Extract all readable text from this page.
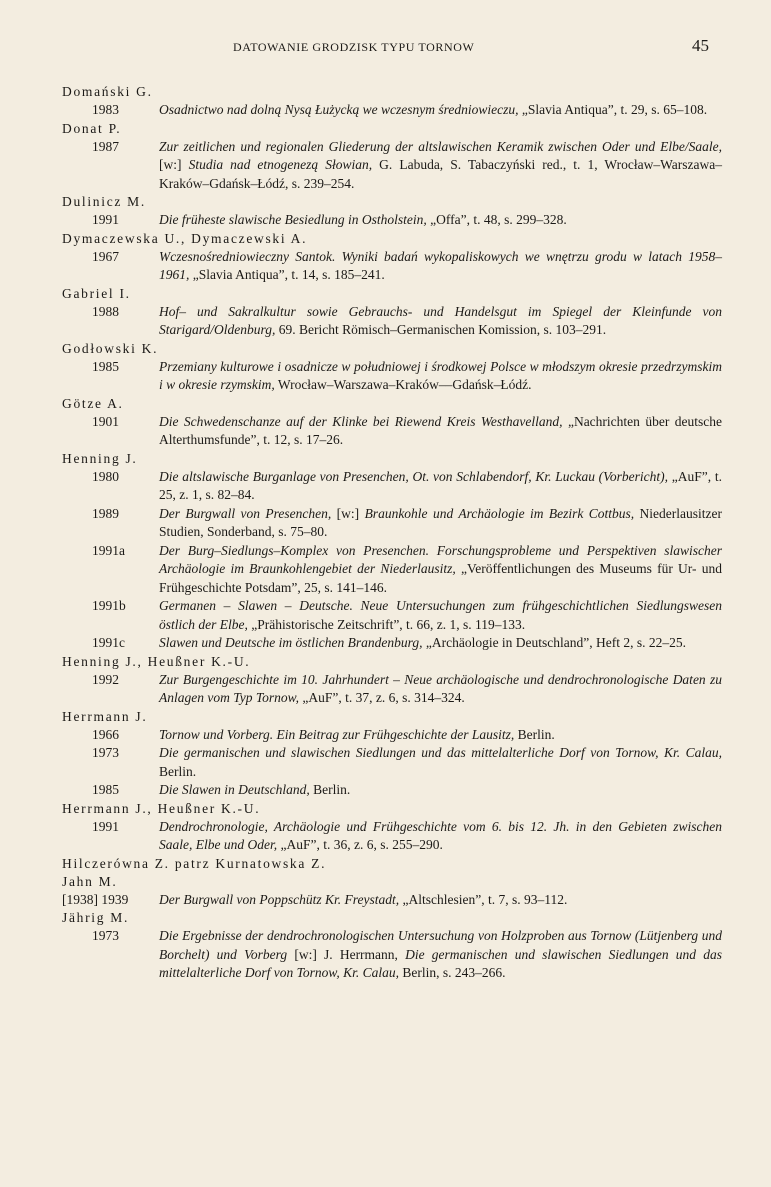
DATOWANIE GRODZISK TYPU TORNOW	45
Domański G.
1983	Osadnictwo nad dolną Nysą Łużycką we wczesnym średniowieczu, „Slavia Antiqua”, t. 29, s. 65–108.
Donat P.
1987	Zur zeitlichen und regionalen Gliederung der altslawischen Keramik zwischen Oder und Elbe/Saale, [w:] Studia nad etnogenezą Słowian, G. Labuda, S. Tabaczyński red., t. 1, Wrocław–Warszawa–Kraków–Gdańsk–Łódź, s. 239–254.
Dulinicz M.
1991	Die früheste slawische Besiedlung in Ostholstein, „Offa”, t. 48, s. 299–328.
Dymaczewska U., Dymaczewski A.
1967	Wczesnośredniowieczny Santok. Wyniki badań wykopaliskowych we wnętrzu grodu w latach 1958–1961, „Slavia Antiqua”, t. 14, s. 185–241.
Gabriel I.
1988	Hof– und Sakralkultur sowie Gebrauchs- und Handelsgut im Spiegel der Kleinfunde von Starigard/Oldenburg, 69. Bericht Römisch–Germanischen Komission, s. 103–291.
Godłowski K.
1985	Przemiany kulturowe i osadnicze w południowej i środkowej Polsce w młodszym okresie przedrzymskim i w okresie rzymskim, Wrocław–Warszawa–Kraków––Gdańsk–Łódź.
Götze A.
1901	Die Schwedenschanze auf der Klinke bei Riewend Kreis Westhavelland, „Nachrichten über deutsche Alterthumsfunde”, t. 12, s. 17–26.
Henning J.
1980	Die altslawische Burganlage von Presenchen, Ot. von Schlabendorf, Kr. Luckau (Vorbericht), „AuF”, t. 25, z. 1, s. 82–84.
1989	Der Burgwall von Presenchen, [w:] Braunkohle und Archäologie im Bezirk Cottbus, Niederlausitzer Studien, Sonderband, s. 75–80.
1991a	Der Burg–Siedlungs–Komplex von Presenchen. Forschungsprobleme und Perspektiven slawischer Archäologie im Braunkohlengebiet der Niederlausitz, „Veröffentlichungen des Museums für Ur- und Frühgeschichte Potsdam”, 25, s. 141–146.
1991b	Germanen – Slawen – Deutsche. Neue Untersuchungen zum frühgeschichtlichen Siedlungswesen östlich der Elbe, „Prähistorische Zeitschrift”, t. 66, z. 1, s. 119–133.
1991c	Slawen und Deutsche im östlichen Brandenburg, „Archäologie in Deutschland”, Heft 2, s. 22–25.
Henning J., Heußner K.-U.
1992	Zur Burgengeschichte im 10. Jahrhundert – Neue archäologische und dendrochronologische Daten zu Anlagen vom Typ Tornow, „AuF”, t. 37, z. 6, s. 314–324.
Herrmann J.
1966	Tornow und Vorberg. Ein Beitrag zur Frühgeschichte der Lausitz, Berlin.
1973	Die germanischen und slawischen Siedlungen und das mittelalterliche Dorf von Tornow, Kr. Calau, Berlin.
1985	Die Slawen in Deutschland, Berlin.
Herrmann J., Heußner K.-U.
1991	Dendrochronologie, Archäologie und Frühgeschichte vom 6. bis 12. Jh. in den Gebieten zwischen Saale, Elbe und Oder, „AuF”, t. 36, z. 6, s. 255–290.
Hilczerówna Z. patrz Kurnatowska Z.
Jahn M.
[1938] 1939	Der Burgwall von Poppschütz Kr. Freystadt, „Altschlesien”, t. 7, s. 93–112.
Jährig M.
1973	Die Ergebnisse der dendrochronologischen Untersuchung von Holzproben aus Tornow (Lütjenberg und Borchelt) und Vorberg [w:] J. Herrmann, Die germanischen und slawischen Siedlungen und das mittelalterliche Dorf von Tornow, Kr. Calau, Berlin, s. 243–266.
